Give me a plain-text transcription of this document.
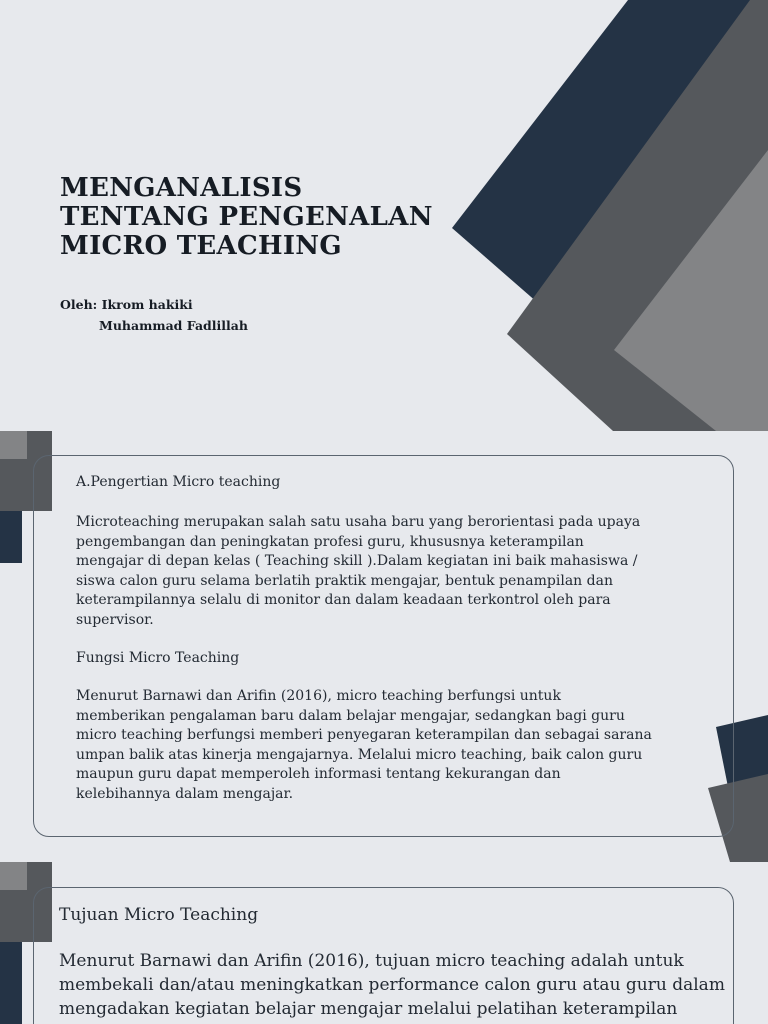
MENGANALISIS
TENTANG PENGENALAN
MICRO TEACHING
Oleh: Ikrom hakiki
Muhammad Fadlillah
A.Pengertian Micro teaching
Microteaching merupakan salah satu usaha baru yang berorientasi pada upaya
pengembangan dan peningkatan profesi guru, khususnya keterampilan
mengajar di depan kelas ( Teaching skill ).Dalam kegiatan ini baik mahasiswa /
siswa calon guru selama berlatih praktik mengajar, bentuk penampilan dan
keterampilannya selalu di monitor dan dalam keadaan terkontrol oleh para
supervisor.
Fungsi Micro Teaching
Menurut Barnawi dan Arifin (2016), micro teaching berfungsi untuk
memberikan pengalaman baru dalam belajar mengajar, sedangkan bagi guru
micro teaching berfungsi memberi penyegaran keterampilan dan sebagai sarana
umpan balik atas kinerja mengajarnya. Melalui micro teaching, baik calon guru
maupun guru dapat memperoleh informasi tentang kekurangan dan
kelebihannya dalam mengajar.
Tujuan Micro Teaching
Menurut Barnawi dan Arifin (2016), tujuan micro teaching adalah untuk
membekali dan/atau meningkatkan performance calon guru atau guru dalam
mengadakan kegiatan belajar mengajar melalui pelatihan keterampilan
